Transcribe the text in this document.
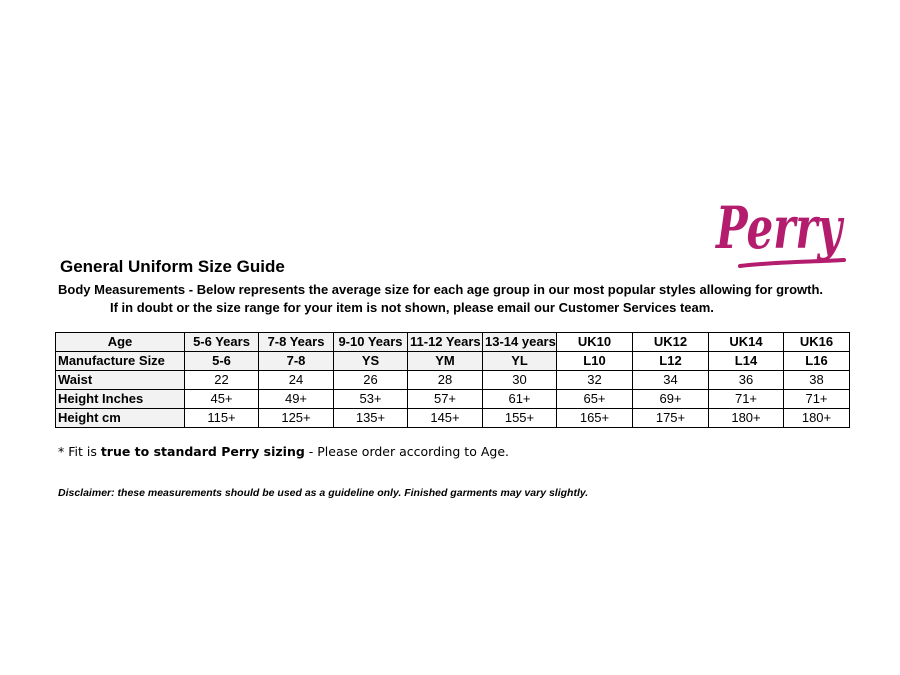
Perry
General Uniform Size Guide
Body Measurements - Below represents the average size for each age group in our most popular styles allowing for growth.
If in doubt or the size range for your item is not shown, please email our Customer Services team.
Age	5-6 Years	7-8 Years	9-10 Years	11-12 Years	13-14 years	UK10	UK12	UK14	UK16
Manufacture Size	5-6	7-8	YS	YM	YL	L10	L12	L14	L16
Waist	22	24	26	28	30	32	34	36	38
Height Inches	45+	49+	53+	57+	61+	65+	69+	71+	71+
Height cm	115+	125+	135+	145+	155+	165+	175+	180+	180+
* Fit is true to standard Perry sizing - Please order according to Age.
Disclaimer: these measurements should be used as a guideline only. Finished garments may vary slightly.
